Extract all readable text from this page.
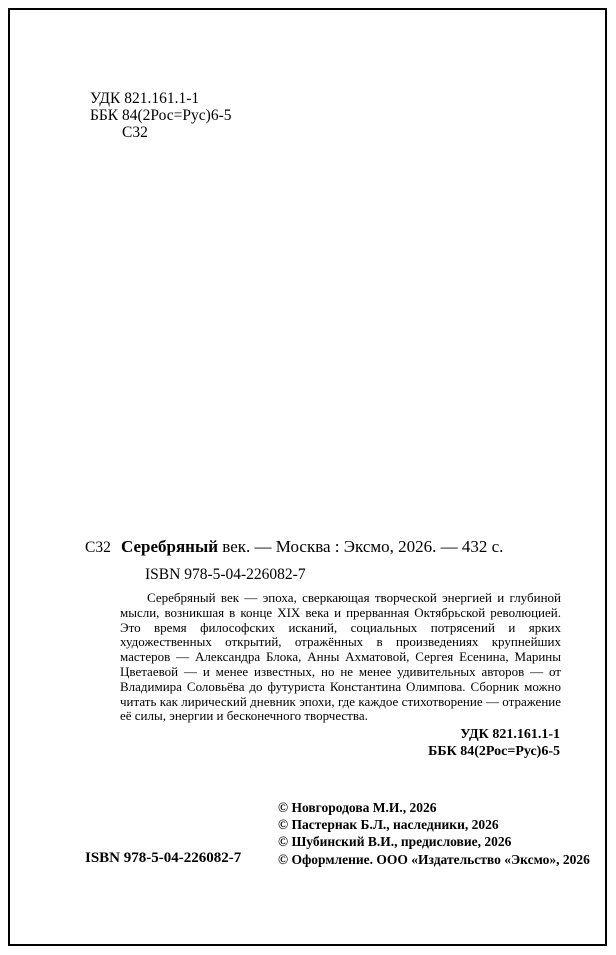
УДК 821.161.1-1
ББК 84(2Рос=Рус)6-5
С32
С32 Серебряный век. — Москва : Эксмо, 2026. — 432 с.
ISBN 978-5-04-226082-7
Серебряный век — эпоха, сверкающая творческой энергией и глубиной мысли, возникшая в конце XIX века и прерванная Октябрьской революцией. Это время философских исканий, социальных потрясений и ярких художественных открытий, отражённых в произведениях крупнейших мастеров — Александра Блока, Анны Ахматовой, Сергея Есенина, Марины Цветаевой — и менее известных, но не менее удивительных авторов — от Владимира Соловьёва до футуриста Константина Олимпова. Сборник можно читать как лирический дневник эпохи, где каждое стихотворение — отражение её силы, энергии и бесконечного творчества.
УДК 821.161.1-1
ББК 84(2Рос=Рус)6-5
© Новгородова М.И., 2026
© Пастернак Б.Л., наследники, 2026
© Шубинский В.И., предисловие, 2026
© Оформление. ООО «Издательство «Эксмо», 2026
ISBN 978-5-04-226082-7
